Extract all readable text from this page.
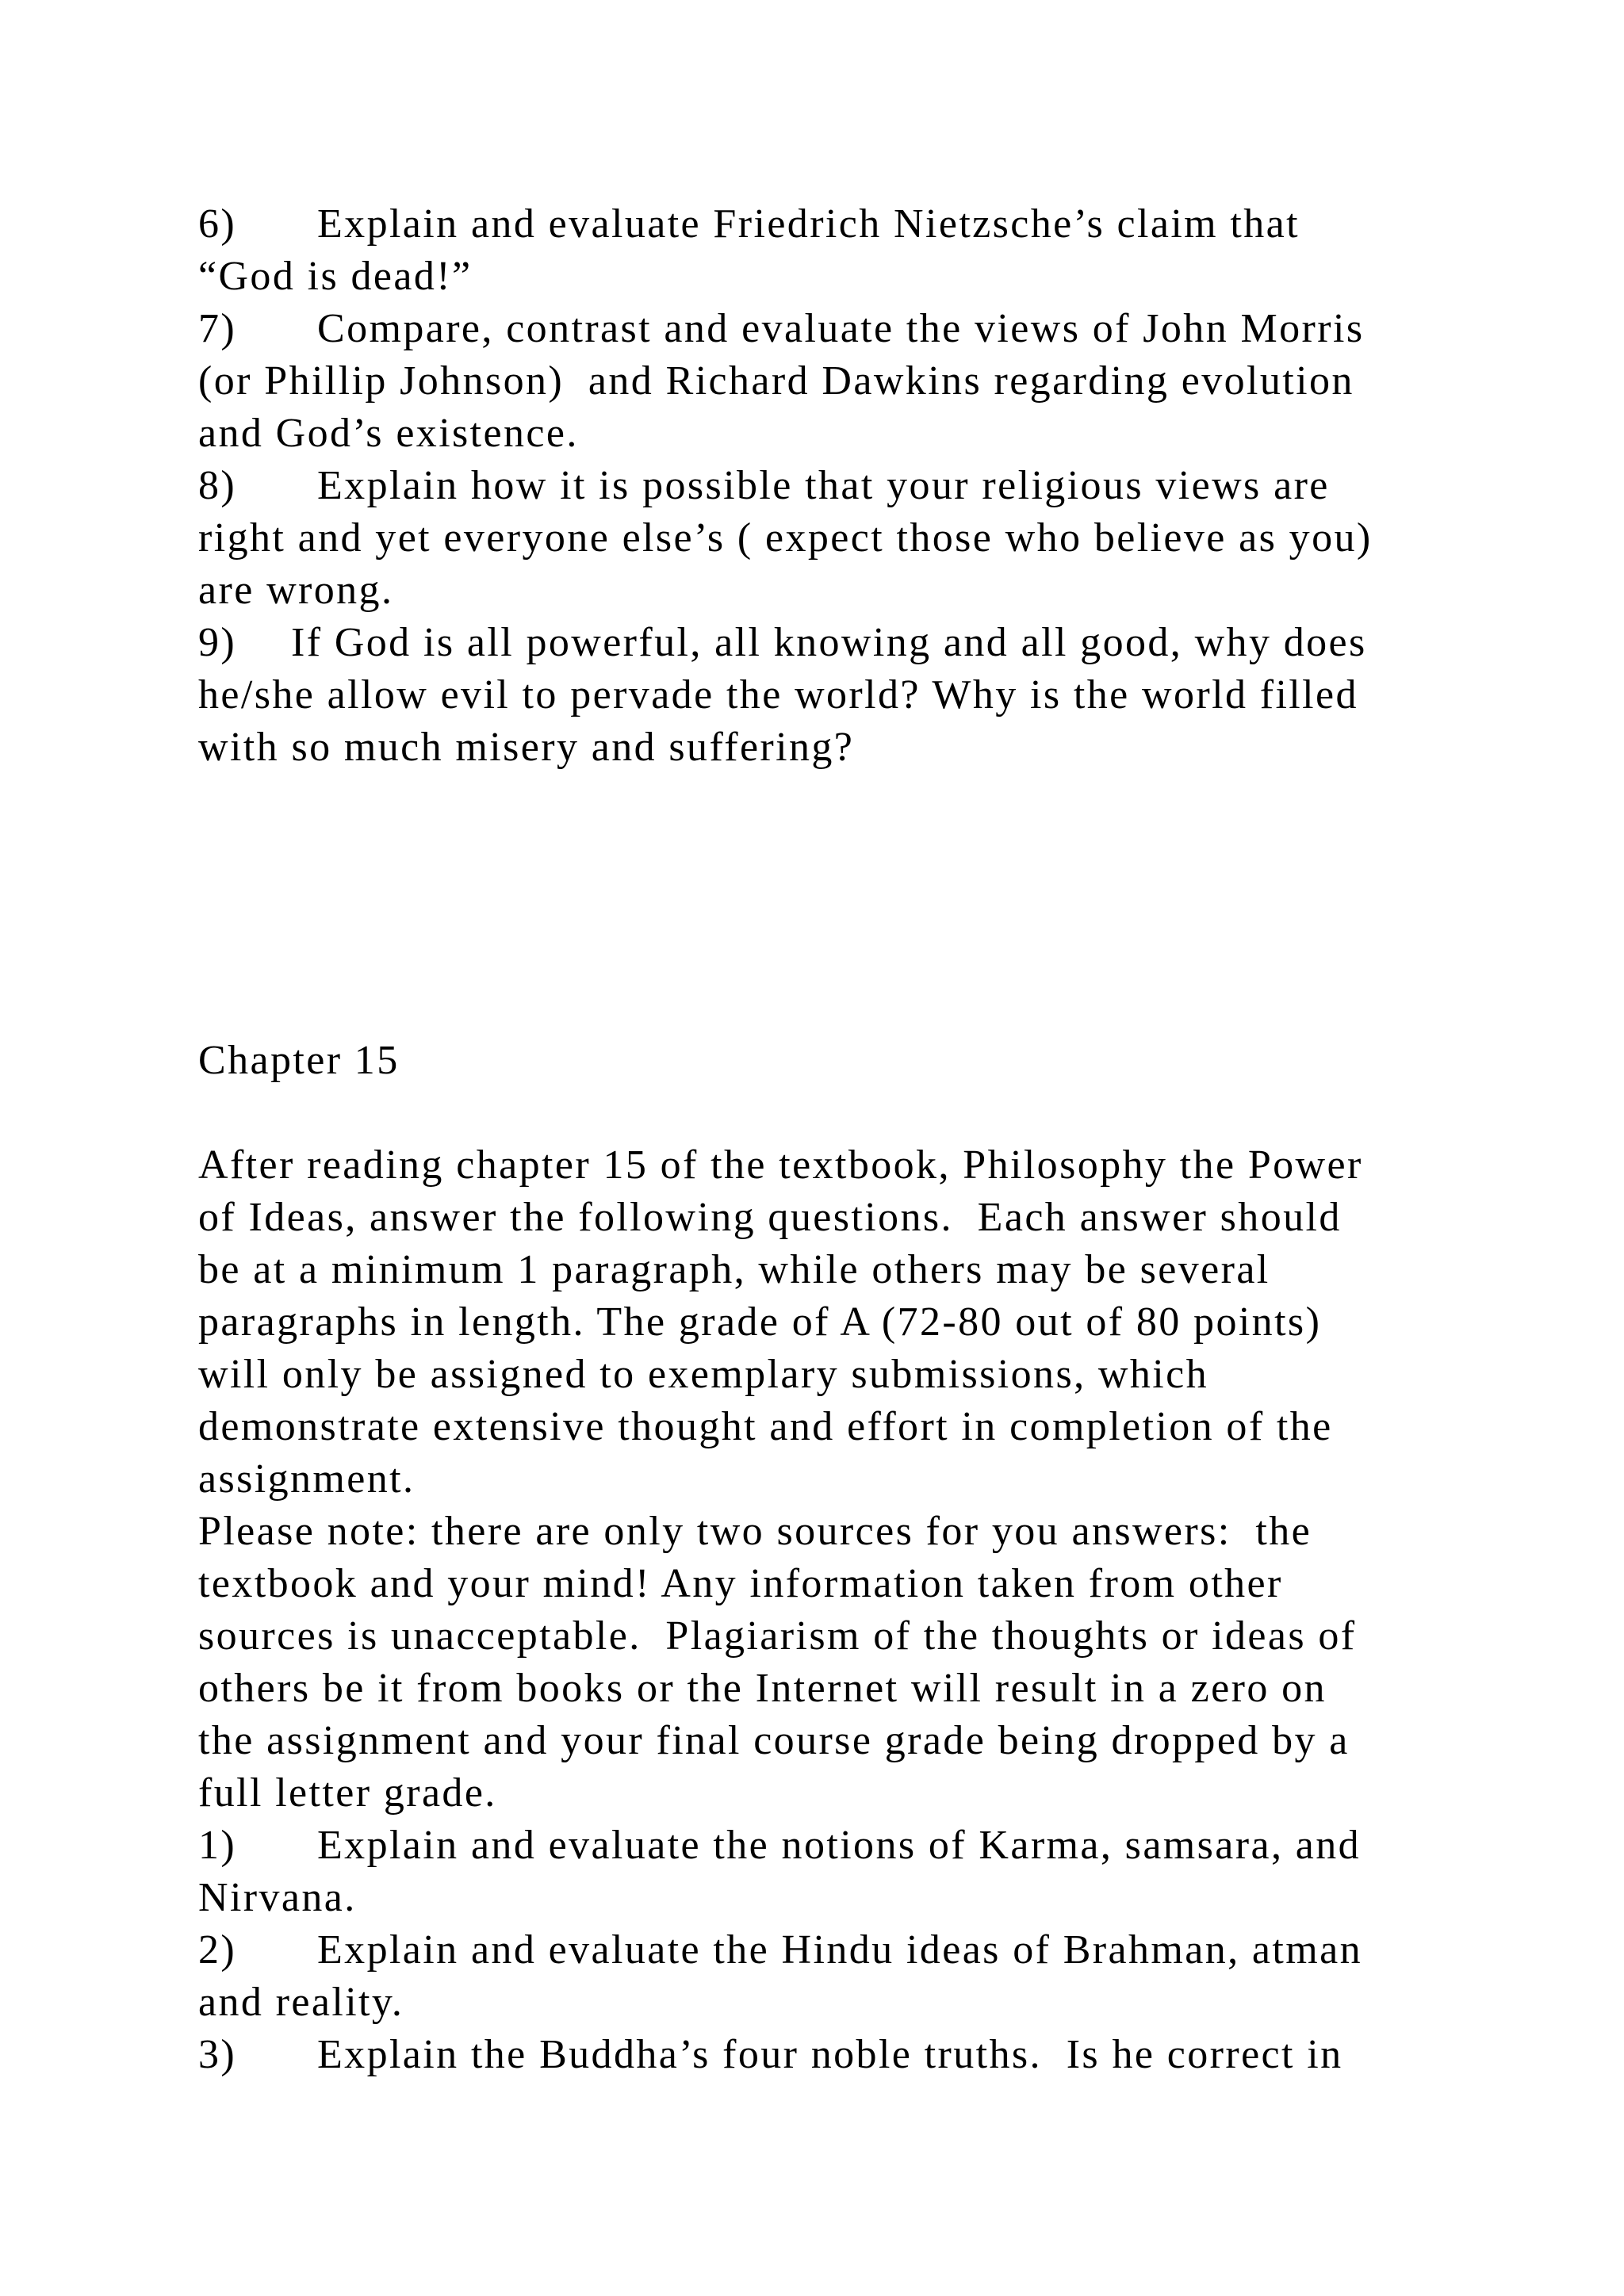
6) Explain and evaluate Friedrich Nietzsche’s claim that
“God is dead!”
7) Compare, contrast and evaluate the views of John Morris
(or Phillip Johnson)  and Richard Dawkins regarding evolution
and God’s existence.
8) Explain how it is possible that your religious views are
right and yet everyone else’s ( expect those who believe as you)
are wrong.
9) If God is all powerful, all knowing and all good, why does
he/she allow evil to pervade the world? Why is the world filled
with so much misery and suffering?
Chapter 15
After reading chapter 15 of the textbook, Philosophy the Power
of Ideas, answer the following questions.  Each answer should
be at a minimum 1 paragraph, while others may be several
paragraphs in length. The grade of A (72-80 out of 80 points)
will only be assigned to exemplary submissions, which
demonstrate extensive thought and effort in completion of the
assignment.
Please note: there are only two sources for you answers:  the
textbook and your mind! Any information taken from other
sources is unacceptable.  Plagiarism of the thoughts or ideas of
others be it from books or the Internet will result in a zero on
the assignment and your final course grade being dropped by a
full letter grade.
1) Explain and evaluate the notions of Karma, samsara, and
Nirvana.
2) Explain and evaluate the Hindu ideas of Brahman, atman
and reality.
3) Explain the Buddha’s four noble truths.  Is he correct in
